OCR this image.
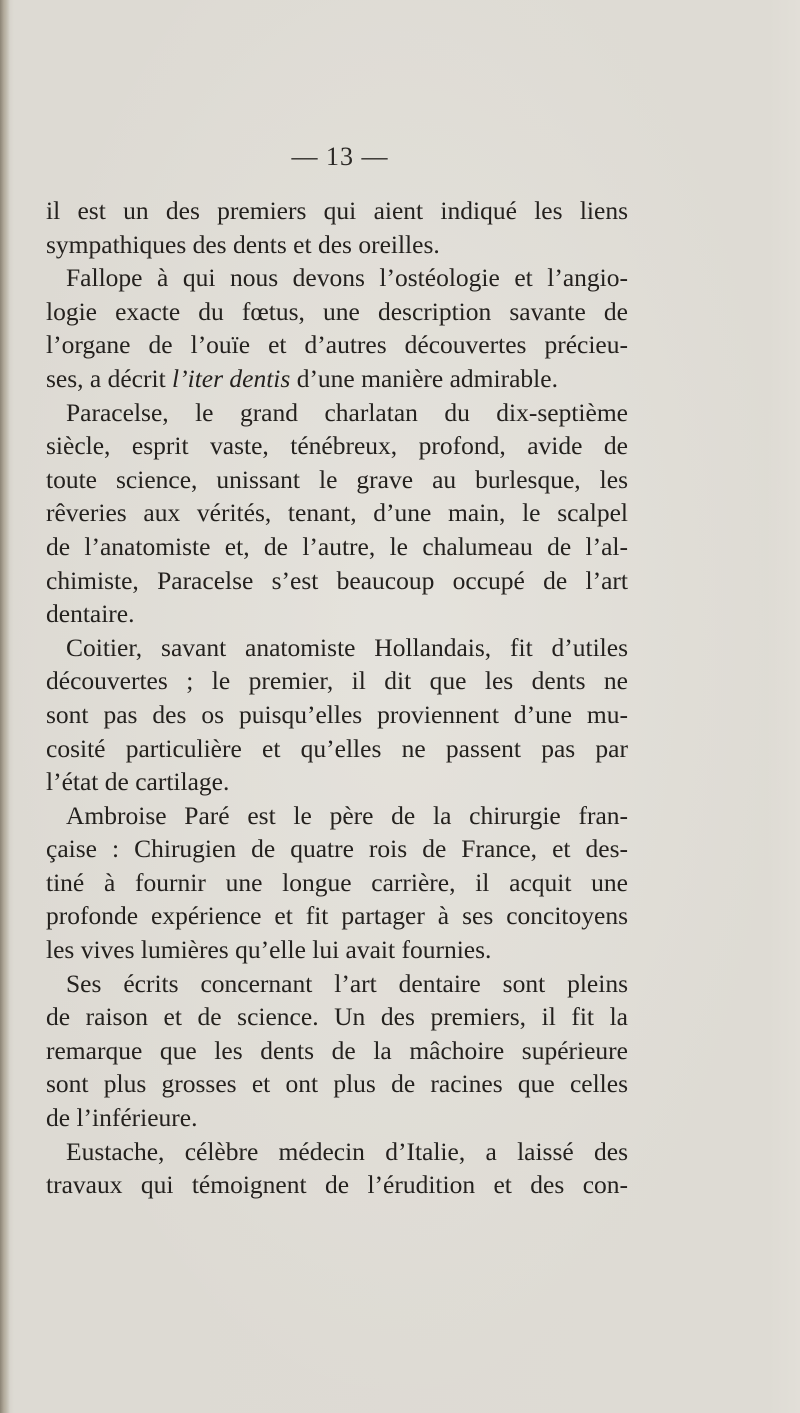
— 13 —
il est un des premiers qui aient indiqué les liens
sympathiques des dents et des oreilles.
Fallope à qui nous devons l’ostéologie et l’angio-
logie exacte du fœtus, une description savante de
l’organe de l’ouïe et d’autres découvertes précieu-
ses, a décrit l’iter dentis d’une manière admirable.
Paracelse, le grand charlatan du dix-septième
siècle, esprit vaste, ténébreux, profond, avide de
toute science, unissant le grave au burlesque, les
rêveries aux vérités, tenant, d’une main, le scalpel
de l’anatomiste et, de l’autre, le chalumeau de l’al-
chimiste, Paracelse s’est beaucoup occupé de l’art
dentaire.
Coitier, savant anatomiste Hollandais, fit d’utiles
découvertes ; le premier, il dit que les dents ne
sont pas des os puisqu’elles proviennent d’une mu-
cosité particulière et qu’elles ne passent pas par
l’état de cartilage.
Ambroise Paré est le père de la chirurgie fran-
çaise : Chirugien de quatre rois de France, et des-
tiné à fournir une longue carrière, il acquit une
profonde expérience et fit partager à ses concitoyens
les vives lumières qu’elle lui avait fournies.
Ses écrits concernant l’art dentaire sont pleins
de raison et de science. Un des premiers, il fit la
remarque que les dents de la mâchoire supérieure
sont plus grosses et ont plus de racines que celles
de l’inférieure.
Eustache, célèbre médecin d’Italie, a laissé des
travaux qui témoignent de l’érudition et des con-
